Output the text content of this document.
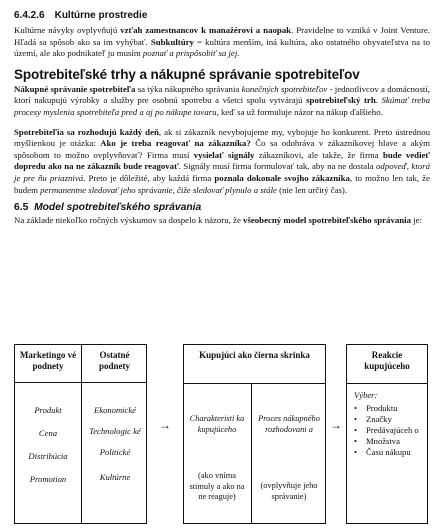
6.4.2.6 Kultúrne prostredie

Kultúrne návyky ovplyvňujú vzťah zamestnancov k manažérovi a naopak. Pravidelne to vzniká v Joint Venture. Hľadá sa spôsob ako sa im vyhýbať. Subkultúry = kultúra menším, iná kultúra, ako ostatného obyvateľstva na to území, ale ako podnikateľ ju musím poznať a prispôsobiť sa jej.

Spotrebiteľské trhy a nákupné správanie spotrebiteľov

Nákupné správanie spotrebiteľa sa týka nákupného správania konečných spotrebiteľov - jednotlivcov a domácností, ktorí nakupujú výrobky a služby pre osobnú spotrebu a všetci spolu vytvárajú spotrebiteľský trh. Skúmať treba procesy myslenia spotrebiteľa pred a aj po nákupe tovaru, keď sa už formuluje názor na nákup ďalšieho.

Spotrebiteľia sa rozhodujú každý deň, ak si zákazník nevybojujeme my, vybojuje ho konkurent. Preto ústrednou myšlienkou je otázka: Ako je treba reagovať na zákazníka? Čo sa odohráva v zákazníkovej hlave a akým spôsobom to možno ovplyvňovať? Firma musí vysielať signály zákazníkovi, ale takže, že firma bude vedieť dopredu ako na ne zákazník bude reagovať. Signály musí firma formulovať tak, aby na ne dostala odpoveď, ktorá je pre ňu priaznivá. Preto je dôležité, aby každá firma poznala dokonale svojho zákazníka, to možno len tak, že budem permanentne sledovať jeho správanie, čiže sledovať plynulo a stále (nie len určitý čas).

6.5 Model spotrebiteľského správania

Na základe niekoľko ročných výskumov sa dospelo k názoru, že všeobecný model spotrebiteľského správania je:

Marketingo vé podnety
Ostatné podnety
Kupujúci ako čierna skrinka	Reakcie kupujúceho
Produkt
Cena
Distribúcia
Promotion
Ekonomické
Technologic ké
Politické
Kultúrne
→	→
Charakteristi ka kupujúceho
(ako vníma stimuly a ako na ne reaguje)
Proces nákupného rozhodovani a
(ovplyvňuje jeho správanie)
Výber:
•	Produktu
•	Značky
•	Predávajúceh o
•	Množstva
•	Času nákupu
